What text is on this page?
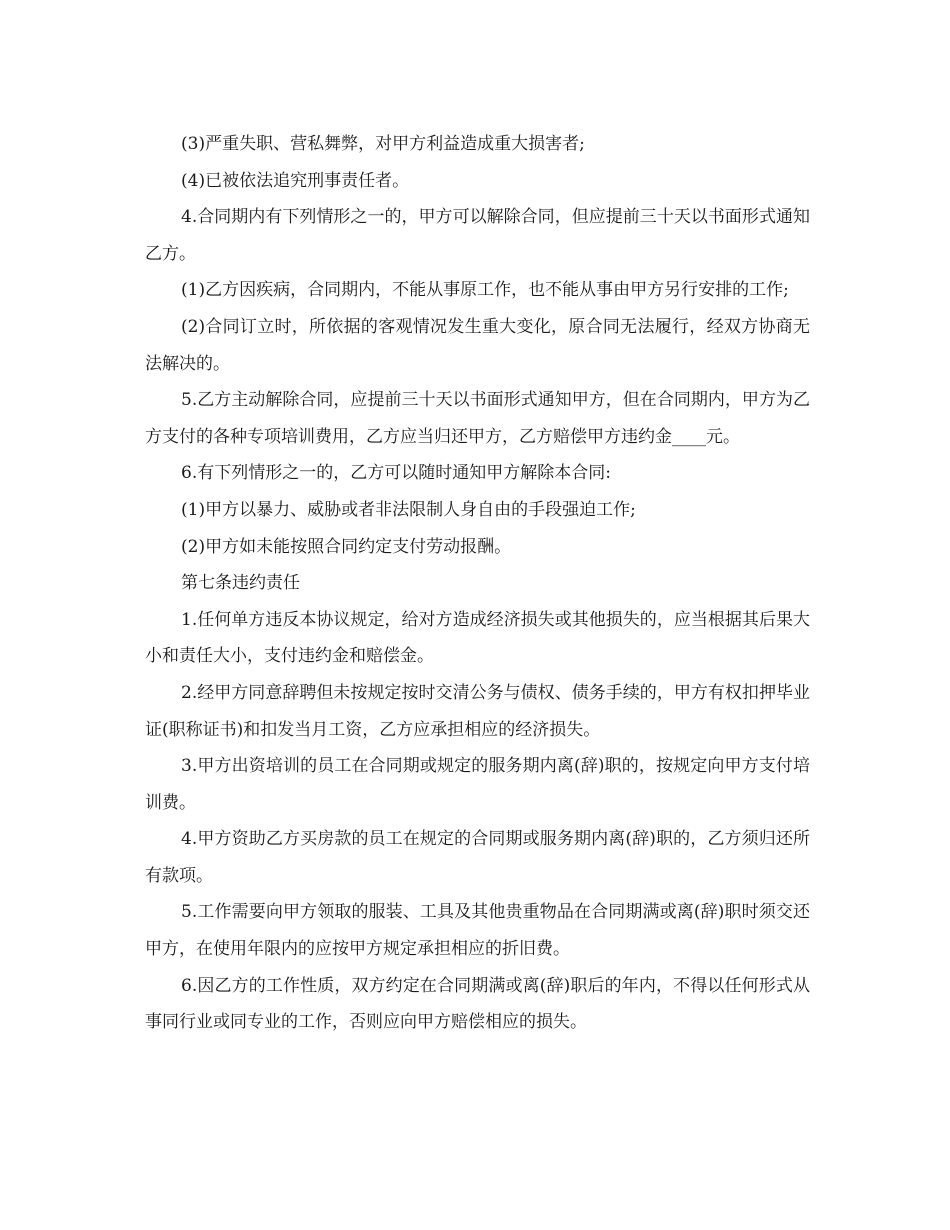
(3)严重失职、营私舞弊，对甲方利益造成重大损害者;

(4)已被依法追究刑事责任者。

4.合同期内有下列情形之一的，甲方可以解除合同，但应提前三十天以书面形式通知乙方。

(1)乙方因疾病，合同期内，不能从事原工作，也不能从事由甲方另行安排的工作;

(2)合同订立时，所依据的客观情况发生重大变化，原合同无法履行，经双方协商无法解决的。

5.乙方主动解除合同，应提前三十天以书面形式通知甲方，但在合同期内，甲方为乙方支付的各种专项培训费用，乙方应当归还甲方，乙方赔偿甲方违约金____元。

6.有下列情形之一的，乙方可以随时通知甲方解除本合同:

(1)甲方以暴力、威胁或者非法限制人身自由的手段强迫工作;

(2)甲方如未能按照合同约定支付劳动报酬。

第七条违约责任

1.任何单方违反本协议规定，给对方造成经济损失或其他损失的，应当根据其后果大小和责任大小，支付违约金和赔偿金。

2.经甲方同意辞聘但未按规定按时交清公务与债权、债务手续的，甲方有权扣押毕业证(职称证书)和扣发当月工资，乙方应承担相应的经济损失。

3.甲方出资培训的员工在合同期或规定的服务期内离(辞)职的，按规定向甲方支付培训费。

4.甲方资助乙方买房款的员工在规定的合同期或服务期内离(辞)职的，乙方须归还所有款项。

5.工作需要向甲方领取的服装、工具及其他贵重物品在合同期满或离(辞)职时须交还甲方，在使用年限内的应按甲方规定承担相应的折旧费。

6.因乙方的工作性质，双方约定在合同期满或离(辞)职后的年内，不得以任何形式从事同行业或同专业的工作，否则应向甲方赔偿相应的损失。
